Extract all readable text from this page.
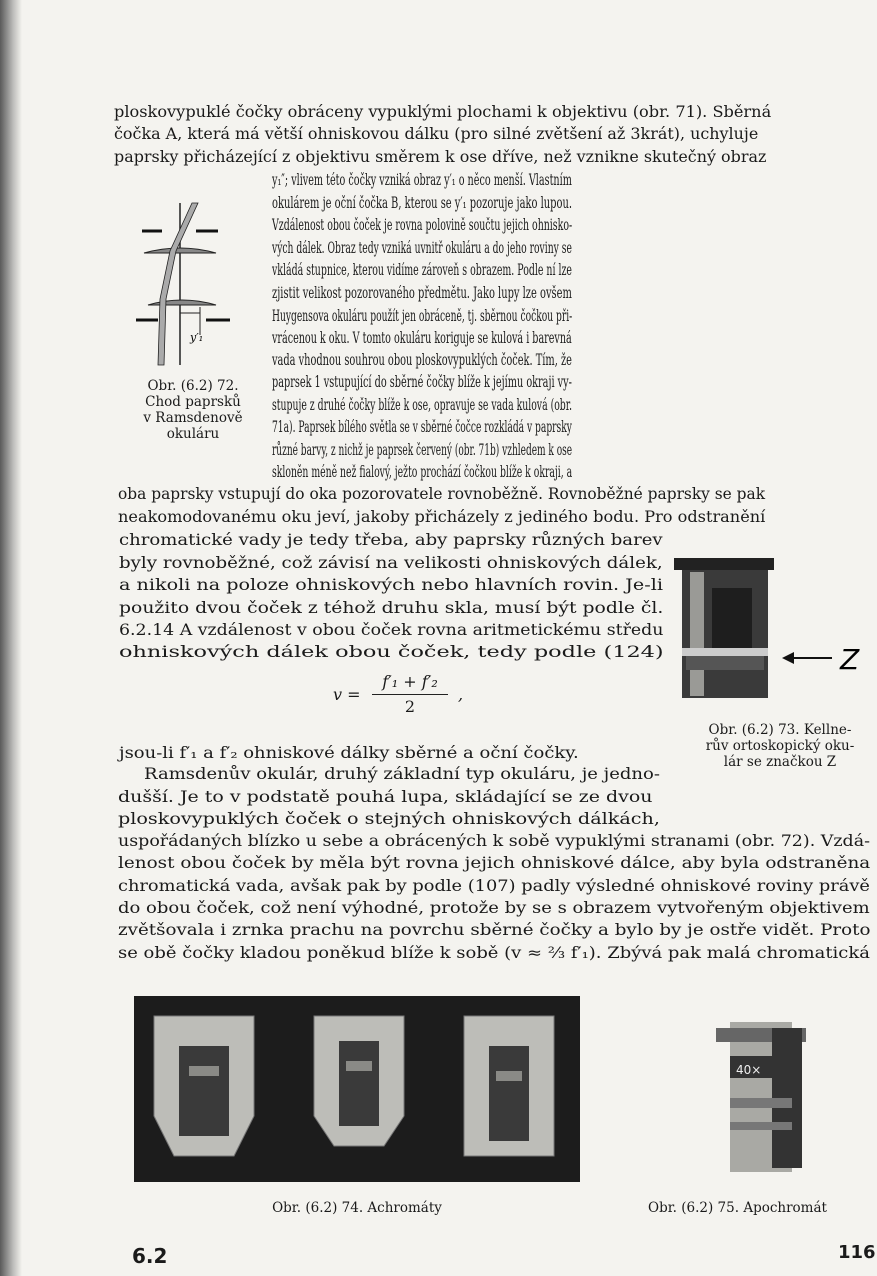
ploskovypuklé čočky obráceny vypuklými plochami k objektivu (obr. 71). Sběrná
čočka A, která má větší ohniskovou dálku (pro silné zvětšení až 3krát), uchyluje
paprsky přicházející z objektivu směrem k ose dříve, než vznikne skutečný obraz
y₁″; vlivem této čočky vzniká obraz y′₁ o něco menší. Vlastním
okulárem je oční čočka B, kterou se y′₁ pozoruje jako lupou.
Vzdálenost obou čoček je rovna polovině součtu jejich ohnisko-
vých dálek. Obraz tedy vzniká uvnitř okuláru a do jeho roviny se
vkládá stupnice, kterou vidíme zároveň s obrazem. Podle ní lze
zjistit velikost pozorovaného předmětu. Jako lupy lze ovšem
Huygensova okuláru použít jen obráceně, tj. sběrnou čočkou při-
vrácenou k oku. V tomto okuláru koriguje se kulová i barevná
vada vhodnou souhrou obou ploskovypuklých čoček. Tím, že
paprsek 1 vstupující do sběrné čočky blíže k jejímu okraji vy-
stupuje z druhé čočky blíže k ose, opravuje se vada kulová (obr.
71a). Paprsek bílého světla se v sběrné čočce rozkládá v paprsky
různé barvy, z nichž je paprsek červený (obr. 71b) vzhledem k ose
skloněn méně než fialový, ježto prochází čočkou blíže k okraji, a
oba paprsky vstupují do oka pozorovatele rovnoběžně. Rovnoběžné paprsky se pak
neakomodovanému oku jeví, jakoby přicházely z jediného bodu. Pro odstranění
chromatické vady je tedy třeba, aby paprsky různých barev
byly rovnoběžné, což závisí na velikosti ohniskových dálek,
a nikoli na poloze ohniskových nebo hlavních rovin. Je-li
použito dvou čoček z téhož druhu skla, musí být podle čl.
6.2.14 A vzdálenost v obou čoček rovna aritmetickému středu
ohniskových dálek obou čoček, tedy podle (124)
jsou-li f′₁ a f′₂ ohniskové dálky sběrné a oční čočky.
Ramsdenův okulár, druhý základní typ okuláru, je jedno-
dušší. Je to v podstatě pouhá lupa, skládající se ze dvou
ploskovypuklých čoček o stejných ohniskových dálkách,
uspořádaných blízko u sebe a obrácených k sobě vypuklými stranami (obr. 72). Vzdá-
lenost obou čoček by měla být rovna jejich ohniskové dálce, aby byla odstraněna
chromatická vada, avšak pak by podle (107) padly výsledné ohniskové roviny právě
do obou čoček, což není výhodné, protože by se s obrazem vytvořeným objektivem
zvětšovala i zrnka prachu na povrchu sběrné čočky a bylo by je ostře vidět. Proto
se obě čočky kladou poněkud blíže k sobě (v ≈ ⅔ f′₁). Zbývá pak malá chromatická
y′₁
Obr. (6.2) 72.
Chod paprsků
v Ramsdenově
okuláru
Z
Obr. (6.2) 73. Kellne-
rův ortoskopický oku-
lár se značkou Z
v =
f′₁ + f′₂
2
,
Obr. (6.2) 74. Achromáty
40×
Obr. (6.2) 75. Apochromát
6.2	116
